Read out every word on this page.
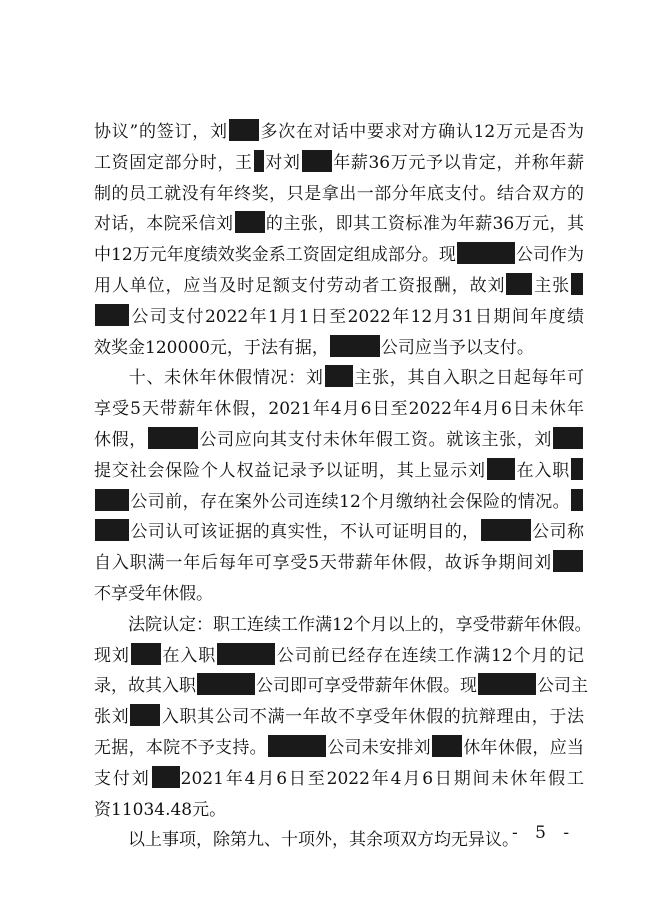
协议”的签订，刘 多次在对话中要求对方确认12万元是否为
工资固定部分时，王 对刘 年薪36万元予以肯定，并称年薪
制的员工就没有年终奖，只是拿出一部分年底支付。结合双方的
对话，本院采信刘 的主张，即其工资标准为年薪36万元，其
中12万元年度绩效奖金系工资固定组成部分。现	公司作为
用人单位，应当及时足额支付劳动者工资报酬，故刘 主张
公司支付2022年1月1日至2022年12月31日期间年度绩
效奖金120000元，于法有据，	公司应当予以支付。
十、未休年休假情况：刘 主张，其自入职之日起每年可
享受5天带薪年休假，2021年4月6日至2022年4月6日未休年
休假，	公司应向其支付未休年假工资。就该主张，刘
提交社会保险个人权益记录予以证明，其上显示刘 在入职
公司前，存在案外公司连续12个月缴纳社会保险的情况。
公司认可该证据的真实性，不认可证明目的，	公司称
自入职满一年后每年可享受5天带薪年休假，故诉争期间刘
不享受年休假。
法院认定：职工连续工作满12个月以上的，享受带薪年休假。
现刘 在入职	公司前已经存在连续工作满12个月的记
录，故其入职	公司即可享受带薪年休假。现	公司主
张刘 入职其公司不满一年故不享受年休假的抗辩理由，于法
无据，本院不予支持。	公司未安排刘 休年休假，应当
支付刘 2021年4月6日至2022年4月6日期间未休年假工
资11034.48元。
以上事项，除第九、十项外，其余项双方均无异议。
- 5 -
